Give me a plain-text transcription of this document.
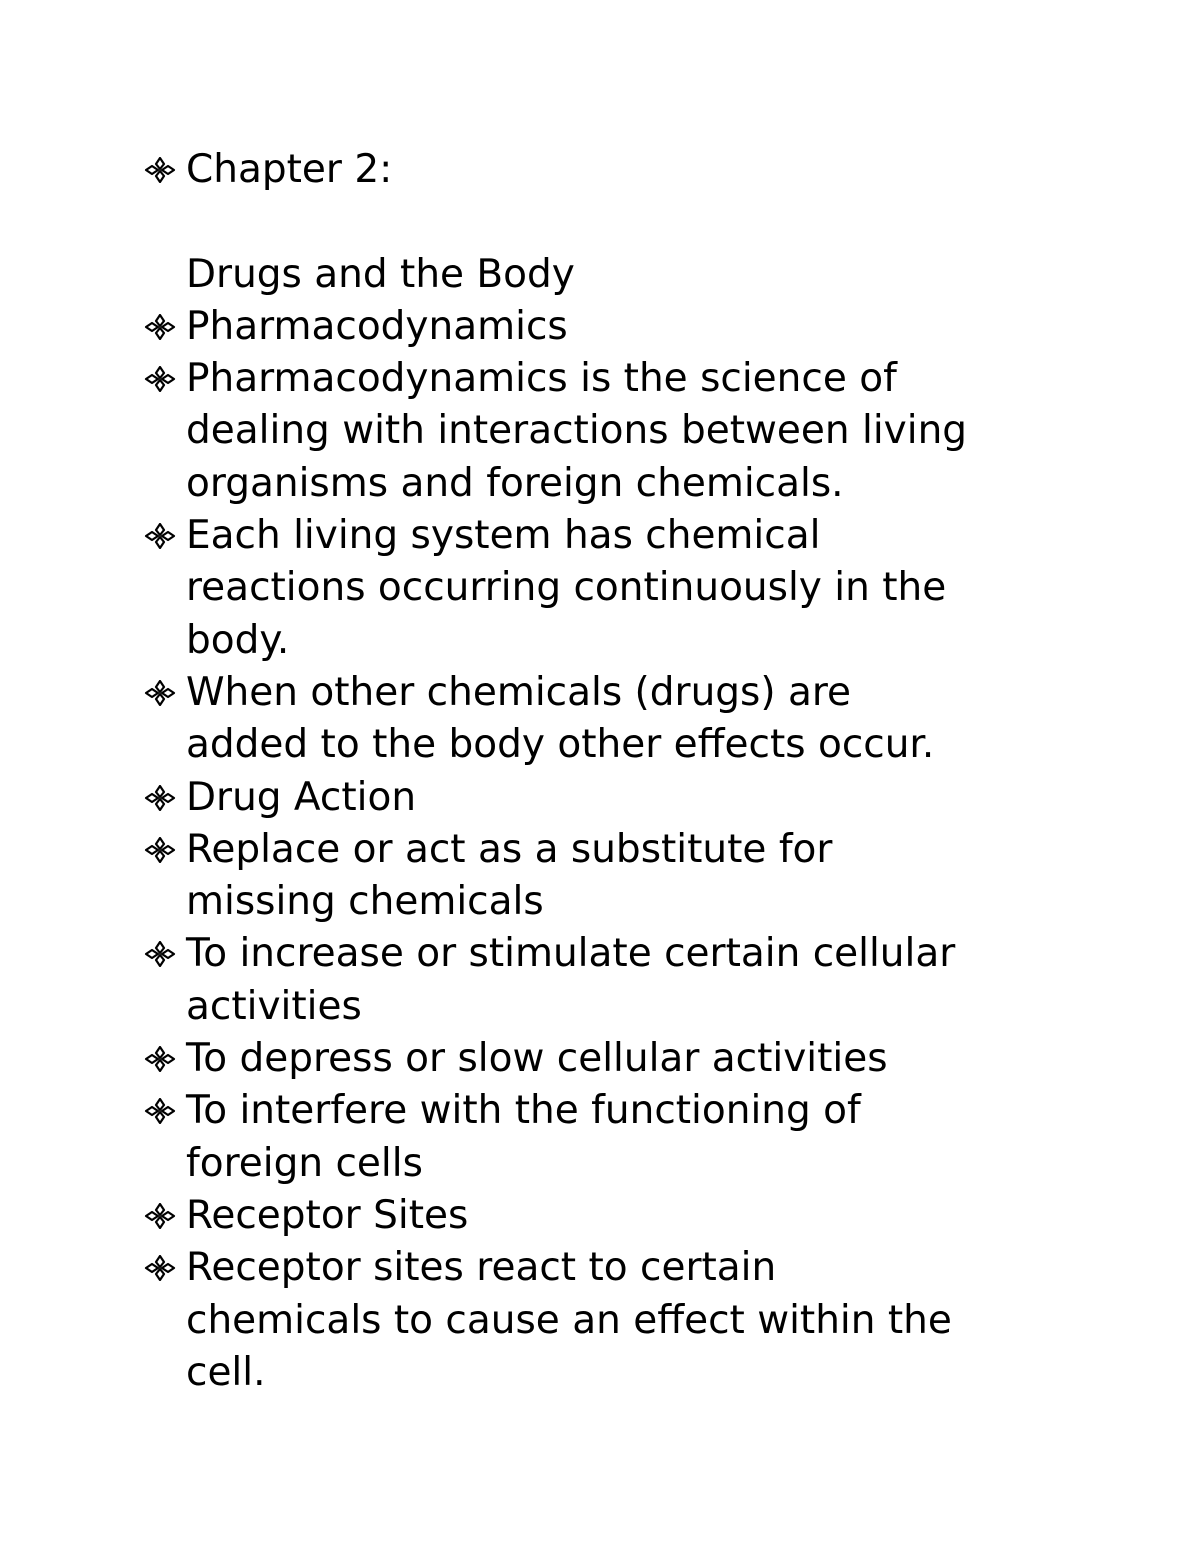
Chapter 2:
Drugs and the Body
Pharmacodynamics
Pharmacodynamics is the science of
dealing with interactions between living
organisms and foreign chemicals.
Each living system has chemical
reactions occurring continuously in the
body.
When other chemicals (drugs) are
added to the body other effects occur.
Drug Action
Replace or act as a substitute for
missing chemicals
To increase or stimulate certain cellular
activities
To depress or slow cellular activities
To interfere with the functioning of
foreign cells
Receptor Sites
Receptor sites react to certain
chemicals to cause an effect within the
cell.
